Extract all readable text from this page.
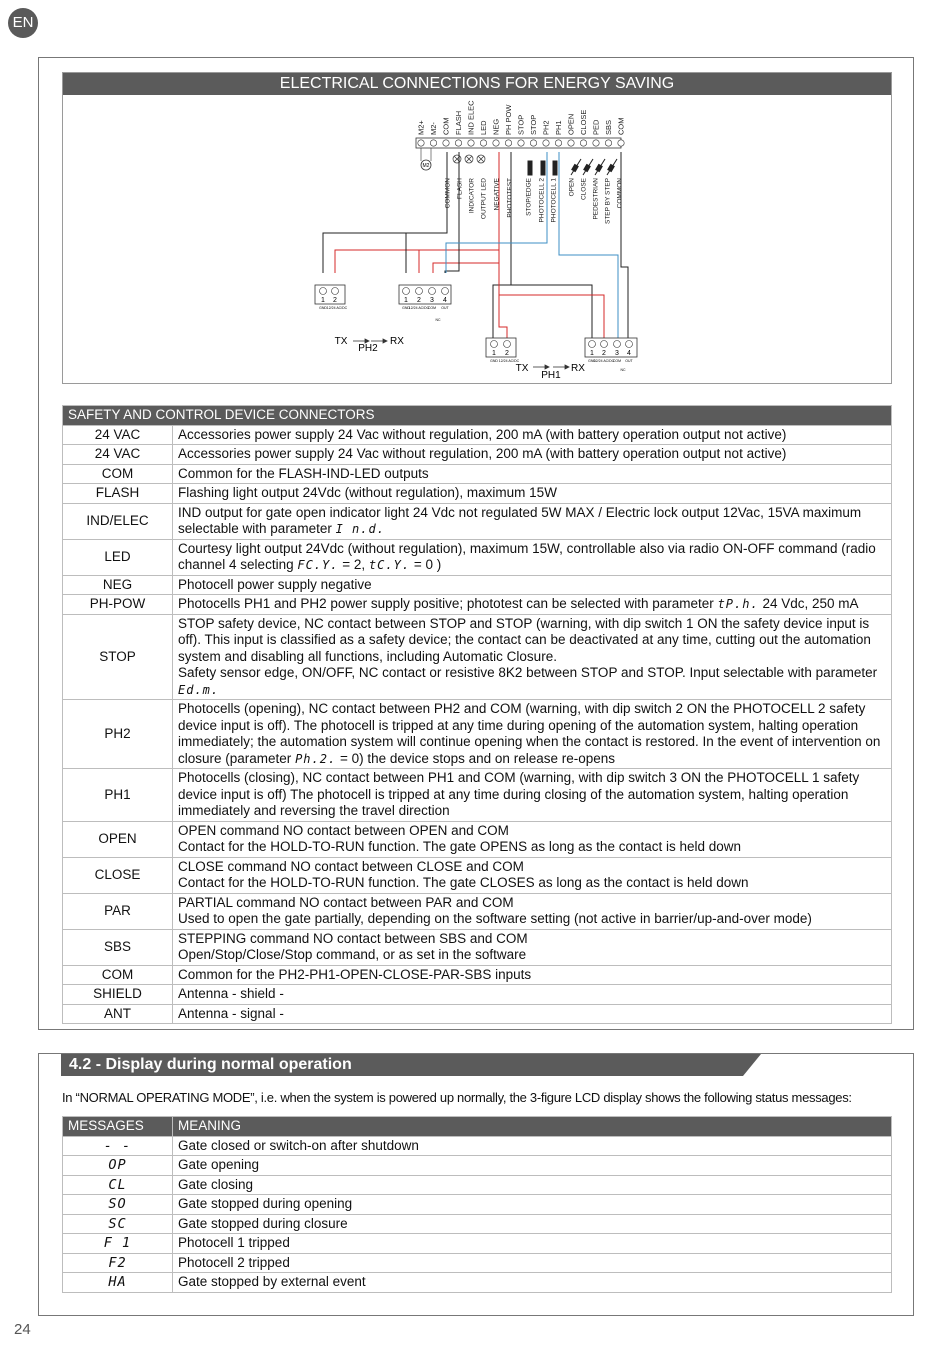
EN
ELECTRICAL CONNECTIONS FOR ENERGY SAVING
M2+ M2- COM FLASH IND ELEC LED NEG PH POW STOP STOP PH2 PH1 OPEN CLOSE PED SBS COM
M2
COMMON FLASH INDICATOR OUTPUT LED NEGATIVE PHOTOTEST STOP/EDGE PHOTOCELL 2 PHOTOCELL 1 OPEN CLOSE PEDESTRIAN STEP BY STEP COMMON
1 2
GND 12/24 AC/DC
1 2 3 4
GND
12/24 AC/DC
COM OUT
NC
TX
PH2
RX
1 2
GND 12/24 AC/DC
1 2 3 4
GND
12/24 AC/DC
COM OUT
NC
TX
PH1
RX
SAFETY AND CONTROL DEVICE CONNECTORS	
24 VAC	Accessories power supply 24 Vac without regulation, 200 mA (with battery operation output not active)
24 VAC	Accessories power supply 24 Vac without regulation, 200 mA (with battery operation output not active)
COM	Common for the FLASH-IND-LED outputs
FLASH	Flashing light output 24Vdc (without regulation), maximum 15W
IND/ELEC	IND output for gate open indicator light 24 Vdc not regulated 5W MAX / Electric lock output 12Vac, 15VA maximum selectable with parameter I n.d.
LED	Courtesy light output 24Vdc (without regulation), maximum 15W, controllable also via radio ON-OFF command (radio channel 4 selecting FC.Y. = 2, tC.Y. = 0 )
NEG	Photocell power supply negative
PH-POW	Photocells PH1 and PH2 power supply positive; phototest can be selected with parameter tP.h. 24 Vdc, 250 mA
STOP	STOP safety device, NC contact between STOP and STOP (warning, with dip switch 1 ON the safety device input is off). This input is classified as a safety device; the contact can be deactivated at any time, cutting out the automation system and disabling all functions, including Automatic Closure.
Safety sensor edge, ON/OFF, NC contact or resistive 8K2 between STOP and STOP. Input selectable with parameter Ed.m.
PH2	Photocells (opening), NC contact between PH2 and COM (warning, with dip switch 2 ON the PHOTOCELL 2 safety device input is off). The photocell is tripped at any time during opening of the automation system, halting operation immediately; the automation system will continue opening when the contact is restored. In the event of intervention on closure (parameter Ph.2. = 0) the device stops and on release re-opens
PH1	Photocells (closing), NC contact between PH1 and COM (warning, with dip switch 3 ON the PHOTOCELL 1 safety device input is off) The photocell is tripped at any time during closing of the automation system, halting operation immediately and reversing the travel direction
OPEN	OPEN command NO contact between OPEN and COM
Contact for the HOLD-TO-RUN function. The gate OPENS as long as the contact is held down
CLOSE	CLOSE command NO contact between CLOSE and COM
Contact for the HOLD-TO-RUN function. The gate CLOSES as long as the contact is held down
PAR	PARTIAL command NO contact between PAR and COM
Used to open the gate partially, depending on the software setting (not active in barrier/up-and-over mode)
SBS	STEPPING command NO contact between SBS and COM
Open/Stop/Close/Stop command, or as set in the software
COM	Common for the PH2-PH1-OPEN-CLOSE-PAR-SBS inputs
SHIELD	Antenna - shield -
ANT	Antenna - signal -
4.2 - Display during normal operation
In “NORMAL OPERATING MODE”, i.e. when the system is powered up normally, the 3-figure LCD display shows the following status messages:
MESSAGES	MEANING
- -	Gate closed or switch-on after shutdown
OP	Gate opening
CL	Gate closing
SO	Gate stopped during opening
SC	Gate stopped during closure
F 1	Photocell 1 tripped
F2	Photocell 2 tripped
HA	Gate stopped by external event
24
